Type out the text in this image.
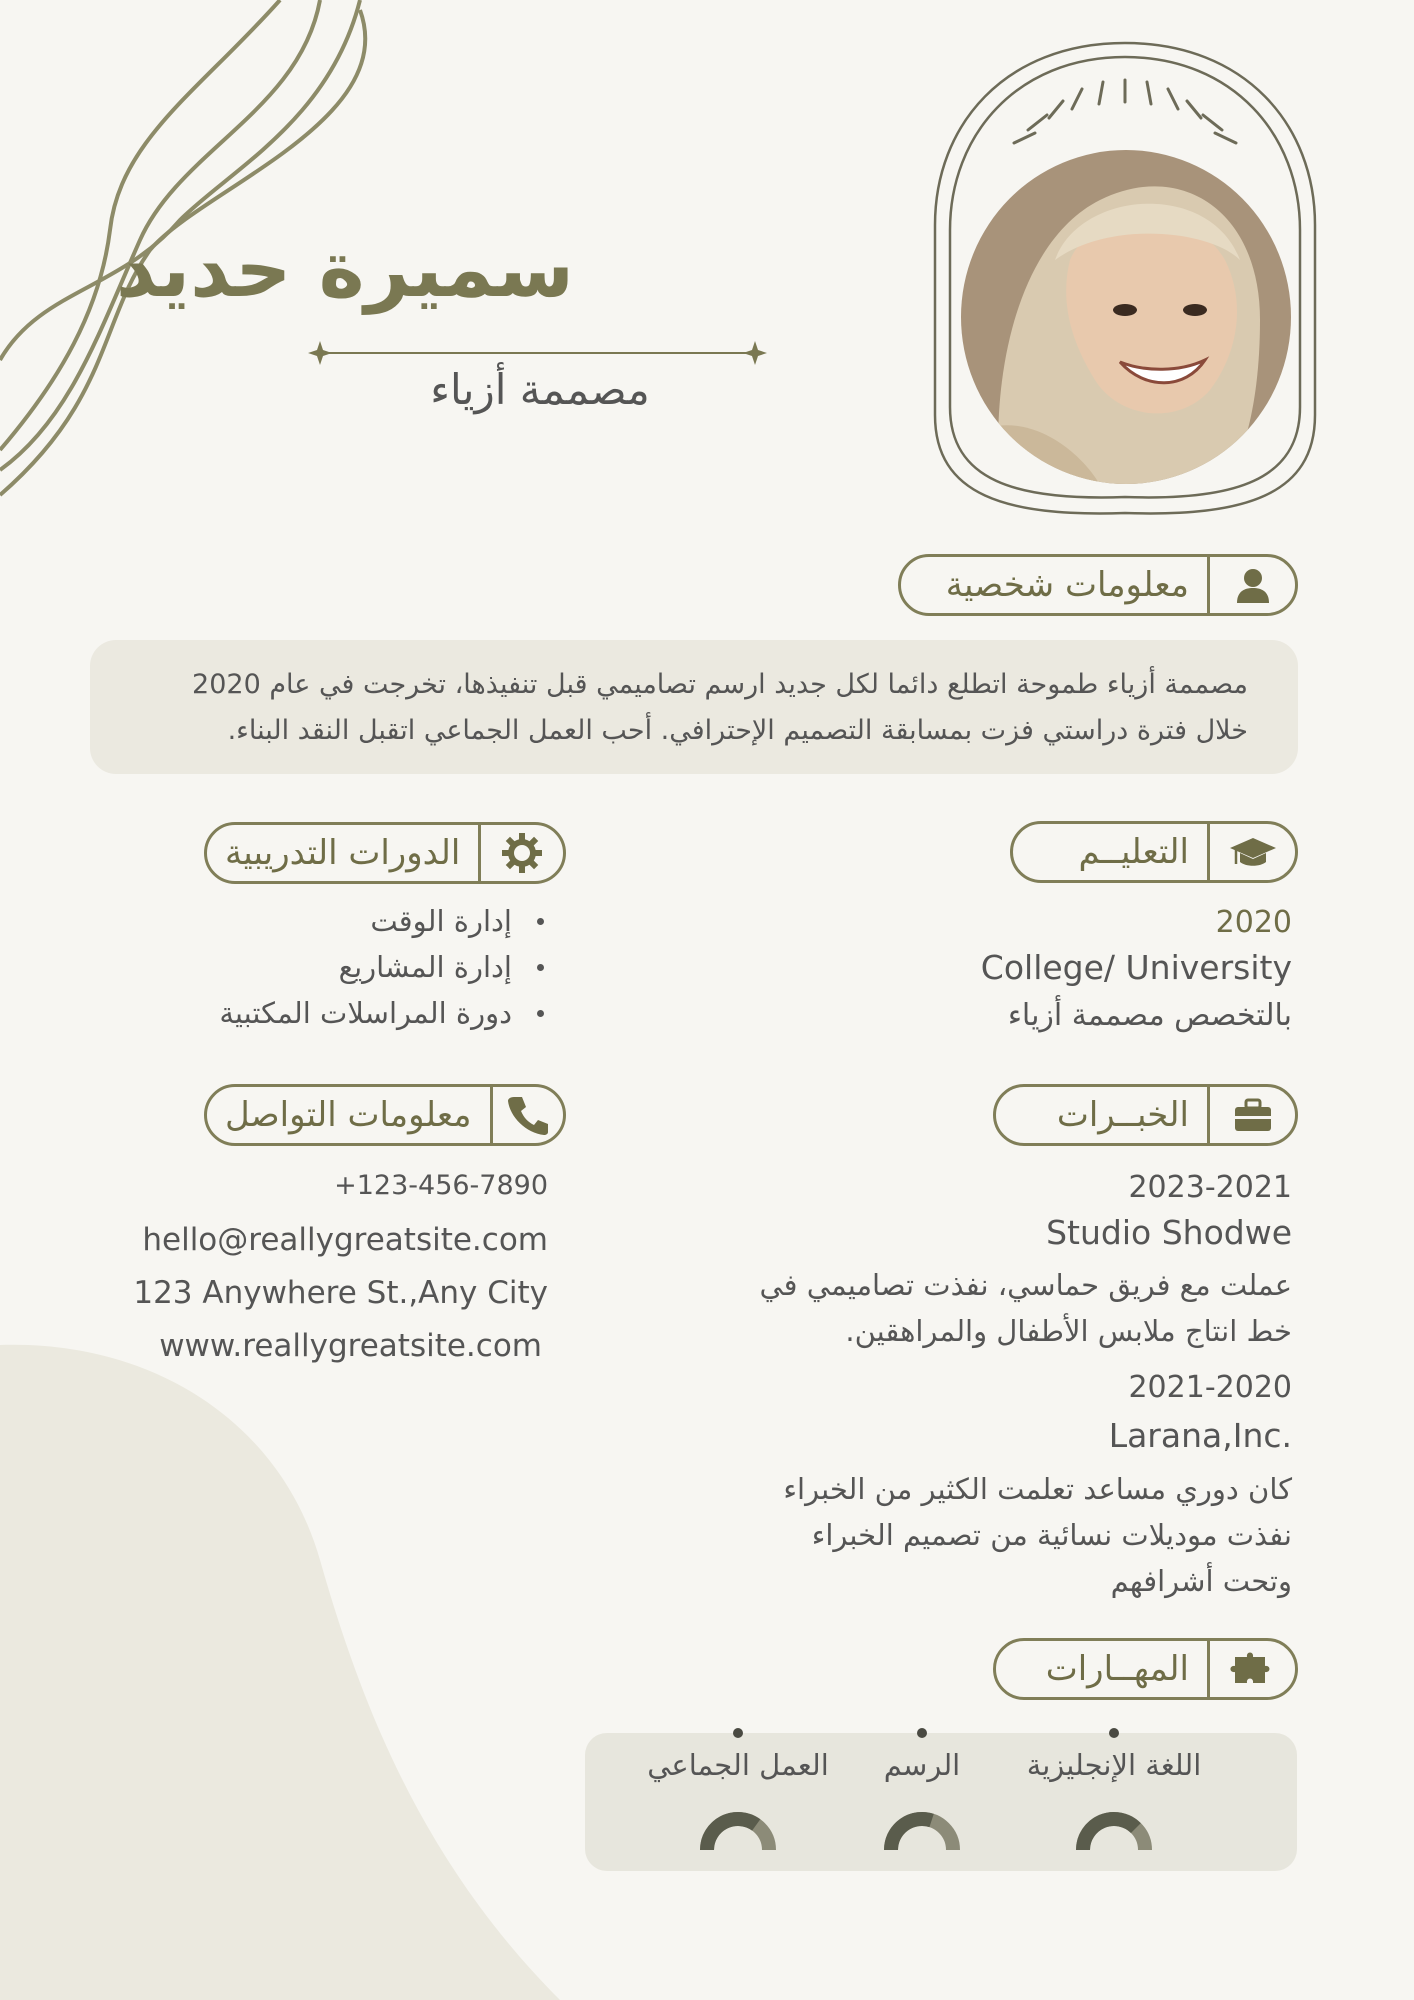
سميرة حديد
مصممة أزياء
معلومات شخصية
مصممة أزياء طموحة اتطلع دائما لكل جديد ارسم تصاميمي قبل تنفيذها، تخرجت في عام 2020
خلال فترة دراستي فزت بمسابقة التصميم الإحترافي. أحب العمل الجماعي اتقبل النقد البناء.
التعليــم
2020
College/ University
بالتخصص مصممة أزياء
الدورات التدريبية
إدارة الوقت
إدارة المشاريع
دورة المراسلات المكتبية
معلومات التواصل
+123-456-7890
hello@reallygreatsite.com
123 Anywhere St.,Any City
www.reallygreatsite.com
الخبــرات
2023-2021
Studio Shodwe
عملت مع فريق حماسي، نفذت تصاميمي في
خط انتاج ملابس الأطفال والمراهقين.
2021-2020
Larana,Inc.
كان دوري مساعد تعلمت الكثير من الخبراء
نفذت موديلات نسائية من تصميم الخبراء
وتحت أشرافهم
المهــارات
اللغة الإنجليزية
الرسم
العمل الجماعي
